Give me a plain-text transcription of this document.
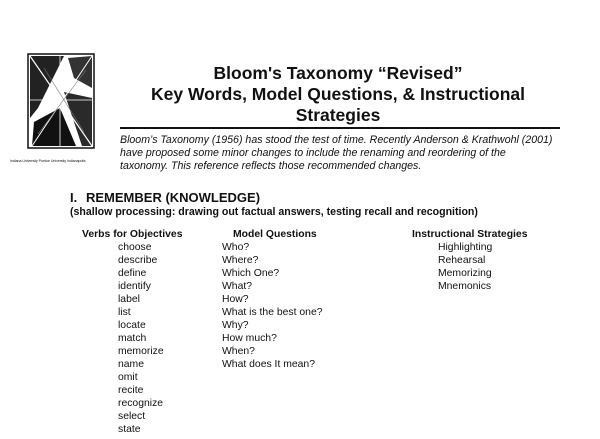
Indiana University Purdue University Indianapolis
Bloom's Taxonomy “Revised”
Key Words, Model Questions, & Instructional
Strategies
Bloom’s Taxonomy (1956) has stood the test of time. Recently Anderson & Krathwohl (2001)
have proposed some minor changes to include the renaming and reordering of the
taxonomy. This reference reflects those recommended changes.
I. REMEMBER (KNOWLEDGE)
(shallow processing: drawing out factual answers, testing recall and recognition)
Verbs for Objectives
choose
describe
define
identify
label
list
locate
match
memorize
name
omit
recite
recognize
select
state
Model Questions
Who?
Where?
Which One?
What?
How?
What is the best one?
Why?
How much?
When?
What does It mean?
Instructional Strategies
Highlighting
Rehearsal
Memorizing
Mnemonics
